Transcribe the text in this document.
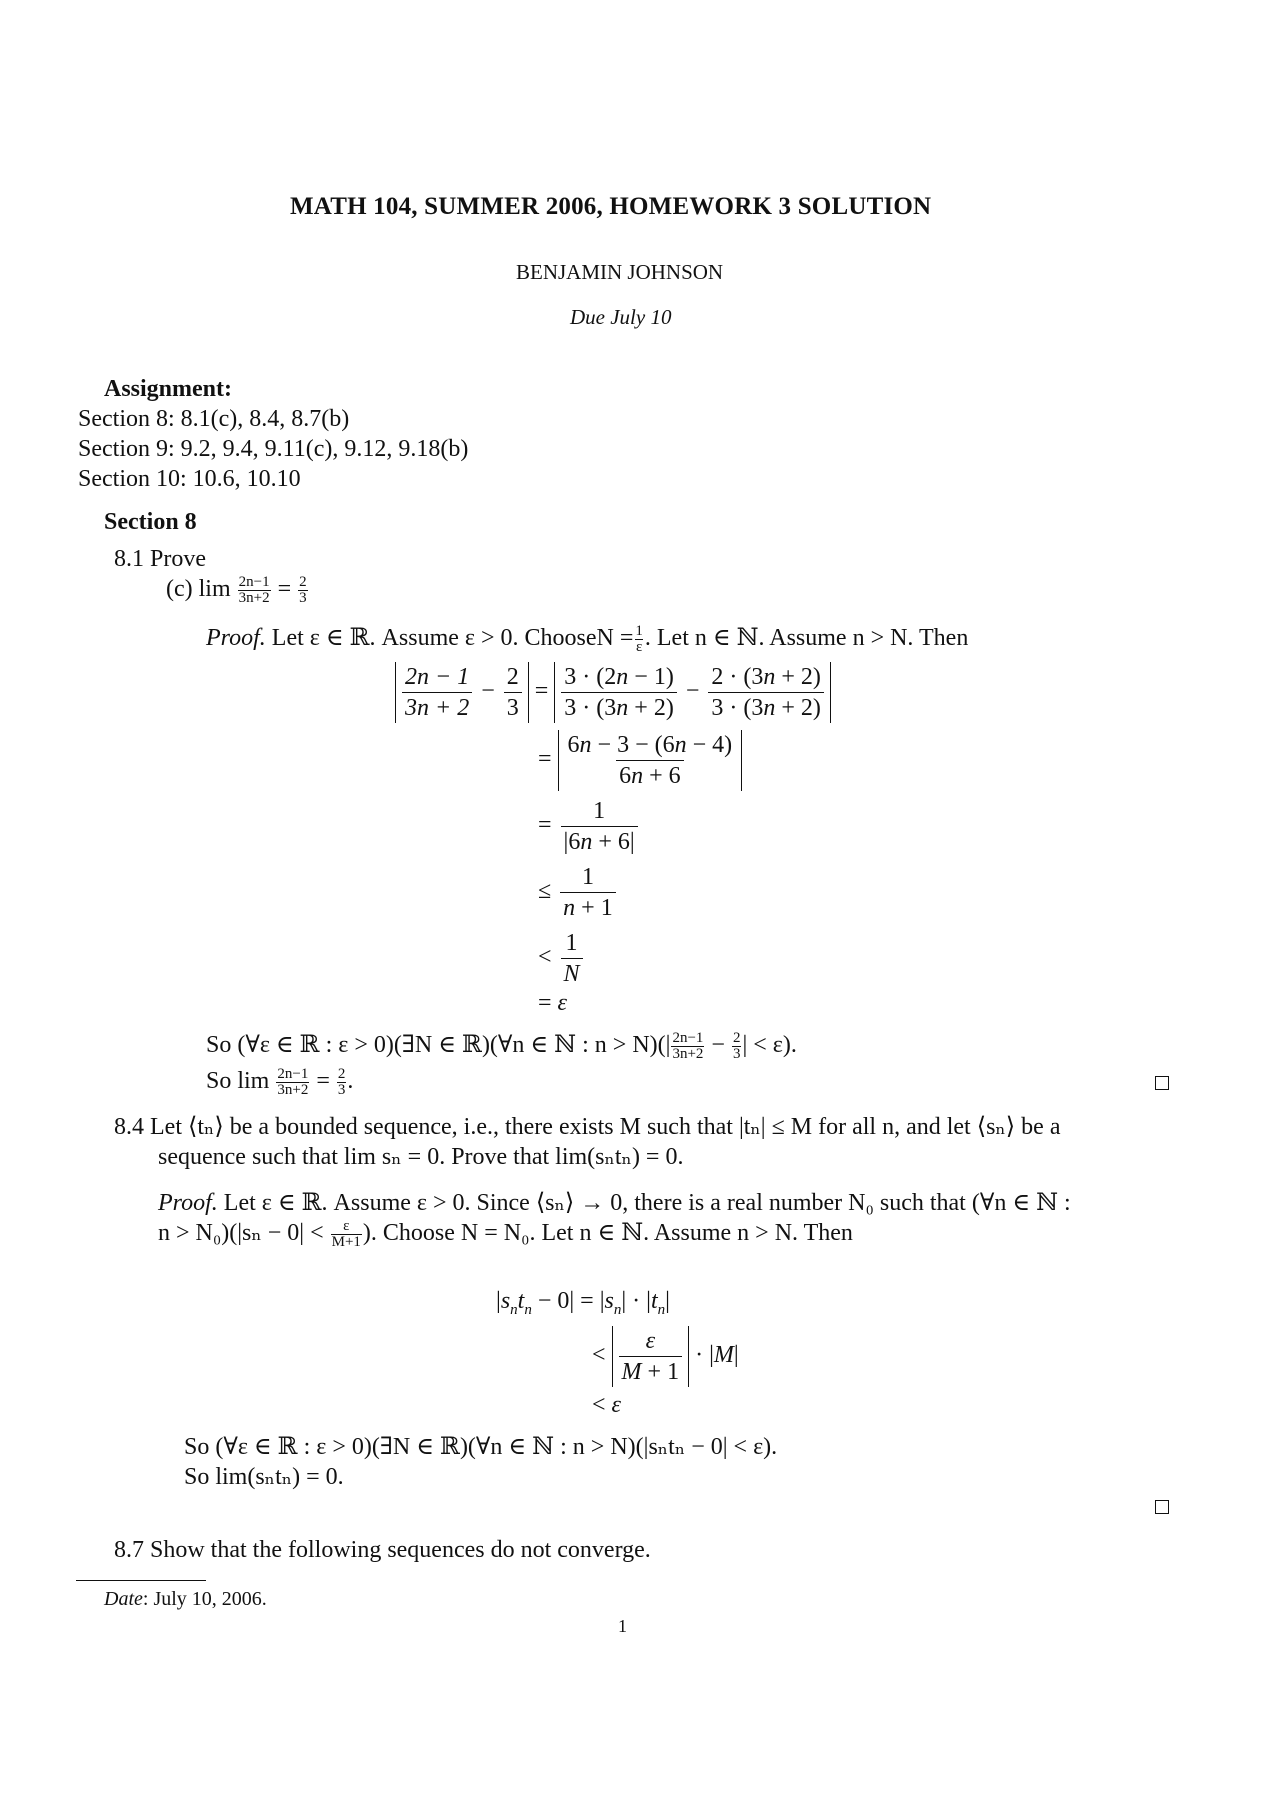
MATH 104, SUMMER 2006, HOMEWORK 3 SOLUTION
BENJAMIN JOHNSON
Due July 10
Assignment:
Section 8: 8.1(c), 8.4, 8.7(b)
Section 9: 9.2, 9.4, 9.11(c), 9.12, 9.18(b)
Section 10: 10.6, 10.10
Section 8
8.1 Prove
(c) $\lim \frac{2n-1}{3n+2} = \frac{2}{3}$
Proof. Let ε ∈ ℝ. Assume ε > 0. ChooseN = $\frac{1}{\varepsilon}$ . Let n ∈ ℕ. Assume n > N. Then
$\frac{2n - 1}{3n + 2} - \frac{2}{3} = \frac{3 \cdot (2n - 1)}{3 \cdot (3n + 2)} - \frac{2 \cdot (3n + 2)}{3 \cdot (3n + 2)}$
= $\frac{6n - 3 - (6n - 4)}{6n + 6}$
= $\frac{1}{|6n + 6|}$
≤ $\frac{1}{n + 1}$
< $\frac{1}{N}$
= ε
So (∀ε ∈ ℝ : ε > 0)(∃N ∈ ℝ)(∀n ∈ ℕ : $n > N)(| \frac{2n-1}{3n+2} - \frac{2}{3}$ | < ε).
So $\lim \frac{2n-1}{3n+2} = \frac{2}{3}$ .
8.4 Let ⟨tₙ⟩ be a bounded sequence, i.e., there exists M such that |tₙ| ≤ M for all n, and let ⟨sₙ⟩ be a
sequence such that lim sₙ = 0. Prove that lim(sₙtₙ) = 0.
Proof. Let ε ∈ ℝ. Assume ε > 0. Since ⟨sₙ⟩ → 0, there is a real number N₀ such that (∀n ∈ ℕ :
$n > N_0)(|s_n - 0| < \frac{\varepsilon}{M+1}$ ). Choose N = N₀. Let n ∈ ℕ. Assume n > N. Then
$|s_nt_n - 0| = |s_n| \cdot |t_n|$
< $\frac{\varepsilon}{M + 1} \cdot |M|$
< ε
So (∀ε ∈ ℝ : ε > 0)(∃N ∈ ℝ)(∀n ∈ ℕ : n > N)(|sₙtₙ − 0| < ε).
So lim(sₙtₙ) = 0.
8.7 Show that the following sequences do not converge.
Date: July 10, 2006.
1
